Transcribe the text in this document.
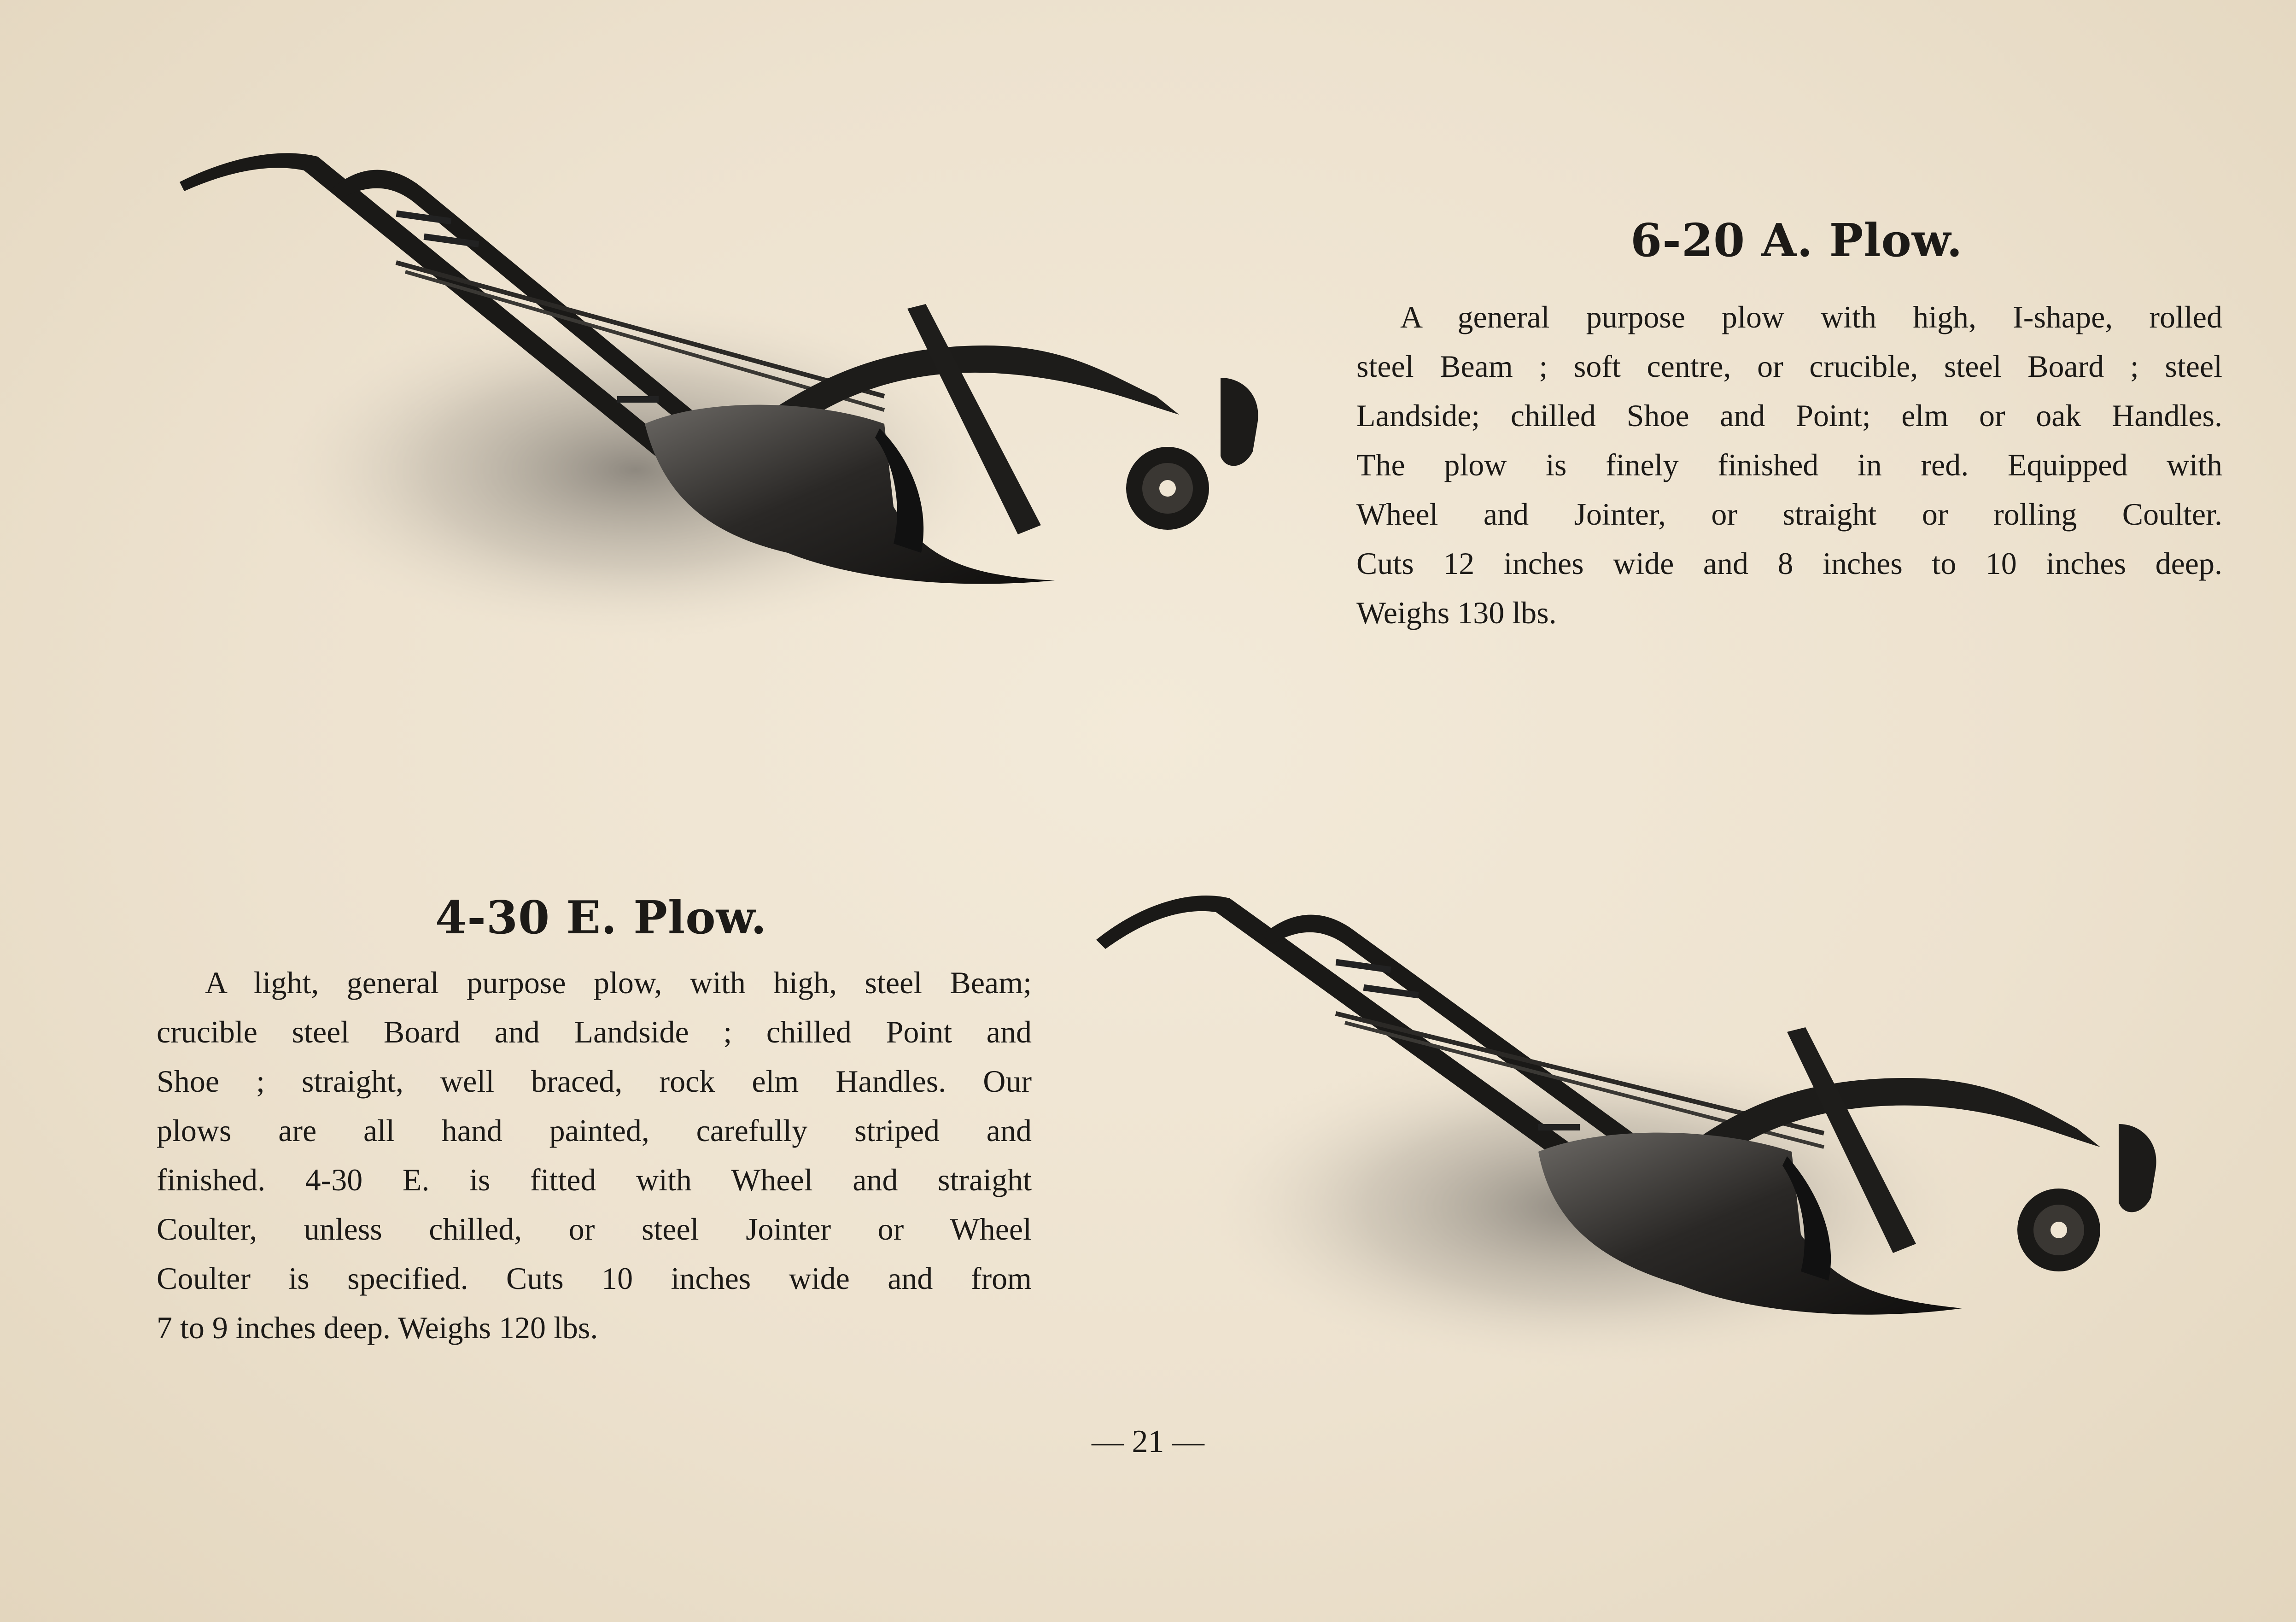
6-20 A. Plow.
A general purpose plow with high, I-shape, rolled
steel Beam ; soft centre, or crucible, steel Board ; steel
Landside; chilled Shoe and Point; elm or oak Handles.
The plow is finely finished in red. Equipped with
Wheel and Jointer, or straight or rolling Coulter.
Cuts 12 inches wide and 8 inches to 10 inches deep.
Weighs 130 lbs.
4-30 E. Plow.
A light, general purpose plow, with high, steel Beam;
crucible steel Board and Landside ; chilled Point and
Shoe ; straight, well braced, rock elm Handles. Our
plows are all hand painted, carefully striped and
finished. 4-30 E. is fitted with Wheel and straight
Coulter, unless chilled, or steel Jointer or Wheel
Coulter is specified. Cuts 10 inches wide and from
7 to 9 inches deep. Weighs 120 lbs.
— 21 —
